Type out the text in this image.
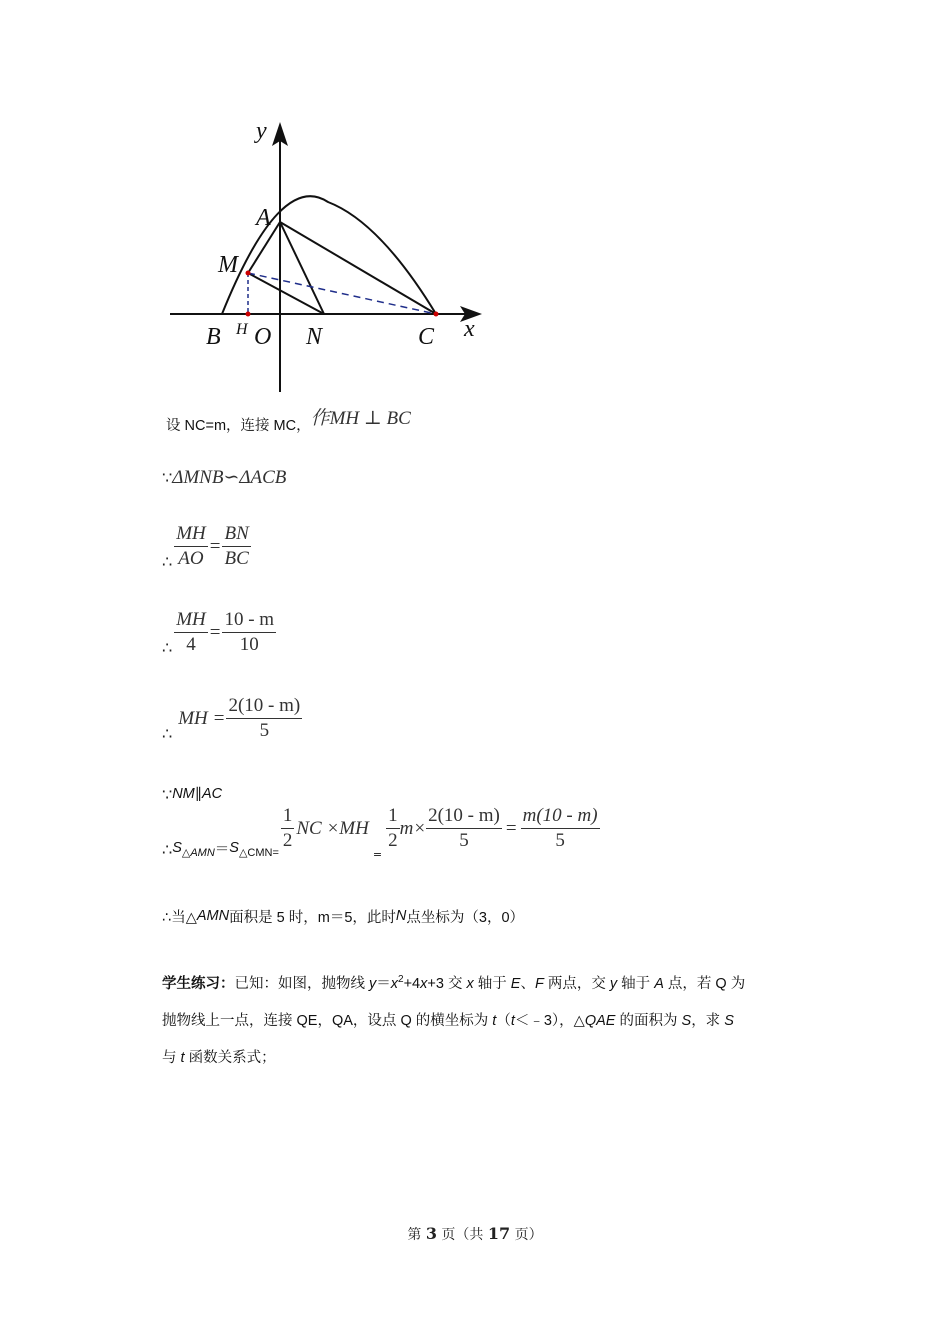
y
x
A
M
B H O N	C
设 NC=m，连接 MC， 作MH ⊥ BC
∵ ΔMNB∽ΔACB
∴ $\frac{MH}{AO} = \frac{BN}{BC}$
∴ $\frac{MH}{4} = \frac{10 - m}{10}$
∴
MH = $\frac{2(10 - m)}{5}$
∵ NM∥AC
∴ $S_{\triangle AMN} = S_{\triangle CMN=} \frac{1}{2}$ NC ×MH
=
$\frac{1}{2} m\times \frac{2(10 - m)}{5} = \frac{m(10 - m)}{5}$
∴当△ AMN 面积是 5 时，m＝5，此时 N 点坐标为（3，0）
学生练习：已知：如图，抛物线 $y=x^2+4x+3$ 交 x 轴于 E、F 两点，交 y 轴于 A 点，若 Q 为
抛物线上一点，连接 QE，QA，设点 Q 的横坐标为 t（t＜﹣3），△QAE 的面积为 S，求 S
与 t 函数关系式；
第 3 页（共 17 页）
